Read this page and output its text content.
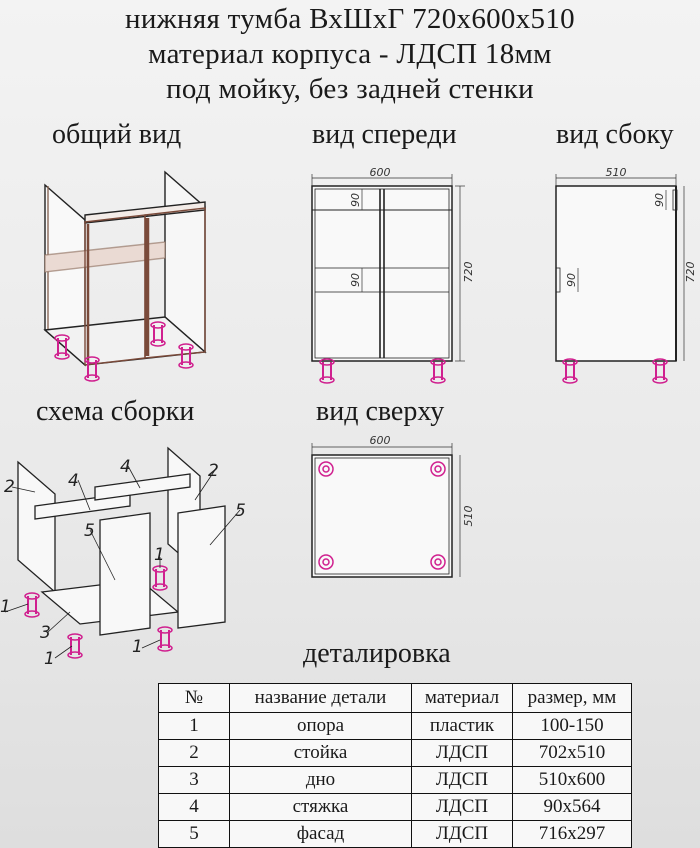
нижняя тумба ВхШхГ 720х600х510
материал корпуса - ЛДСП 18мм
под мойку, без задней стенки
общий вид	вид спереди	вид сбоку
схема сборки	вид сверху
600
720
90
90
510
720
90
90
600
510
2	4
4	2
5
5
1
1
3
1
1	деталировка
№	название детали	материал	размер, мм
1	опора	пластик	100-150
2	стойка	ЛДСП	702х510
3	дно	ЛДСП	510х600
4	стяжка	ЛДСП	90х564
5	фасад	ЛДСП	716х297
